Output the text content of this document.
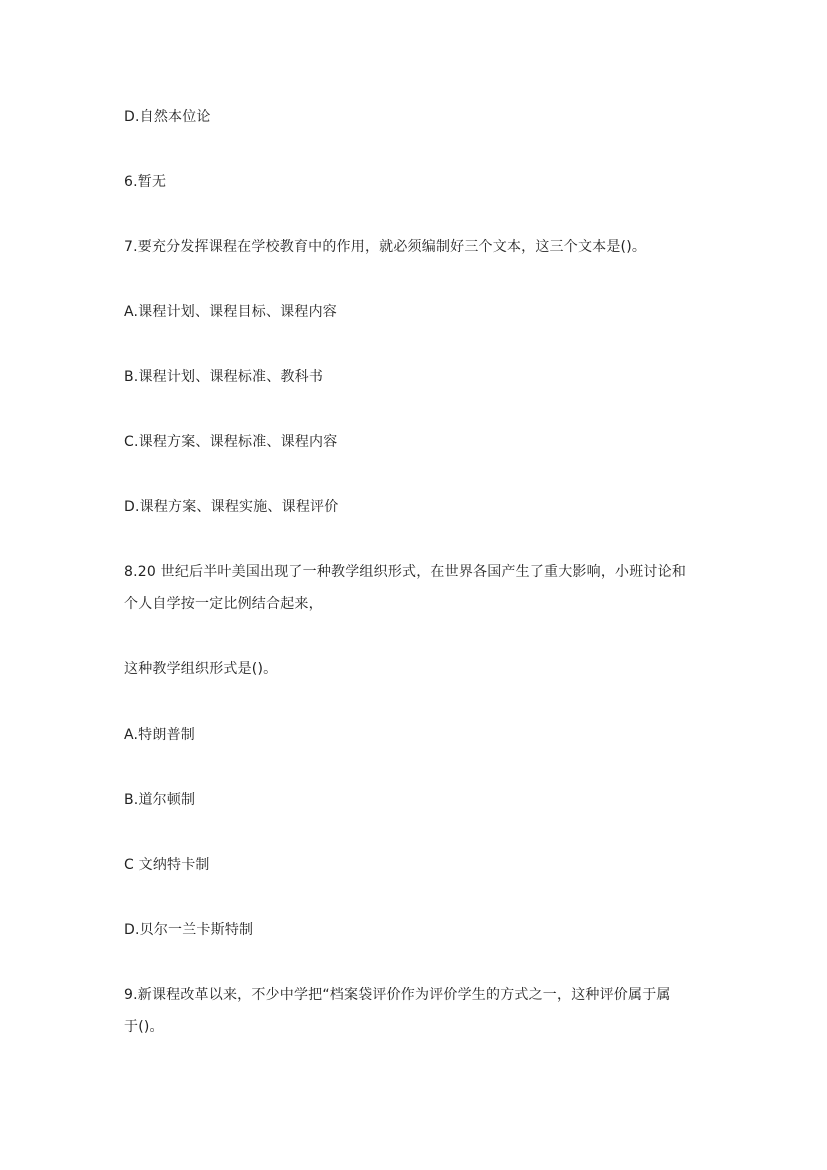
D.自然本位论
6.暂无
7.要充分发挥课程在学校教育中的作用，就必须编制好三个文本，这三个文本是()。
A.课程计划、课程目标、课程内容
B.课程计划、课程标准、教科书
C.课程方案、课程标准、课程内容
D.课程方案、课程实施、课程评价
8.20 世纪后半叶美国出现了一种教学组织形式，在世界各国产生了重大影响，小班讨论和
个人自学按一定比例结合起来，
这种教学组织形式是()。
A.特朗普制
B.道尔顿制
C 文纳特卡制
D.贝尔一兰卡斯特制
9.新课程改革以来，不少中学把“档案袋评价作为评价学生的方式之一，这种评价属于属
于()。
